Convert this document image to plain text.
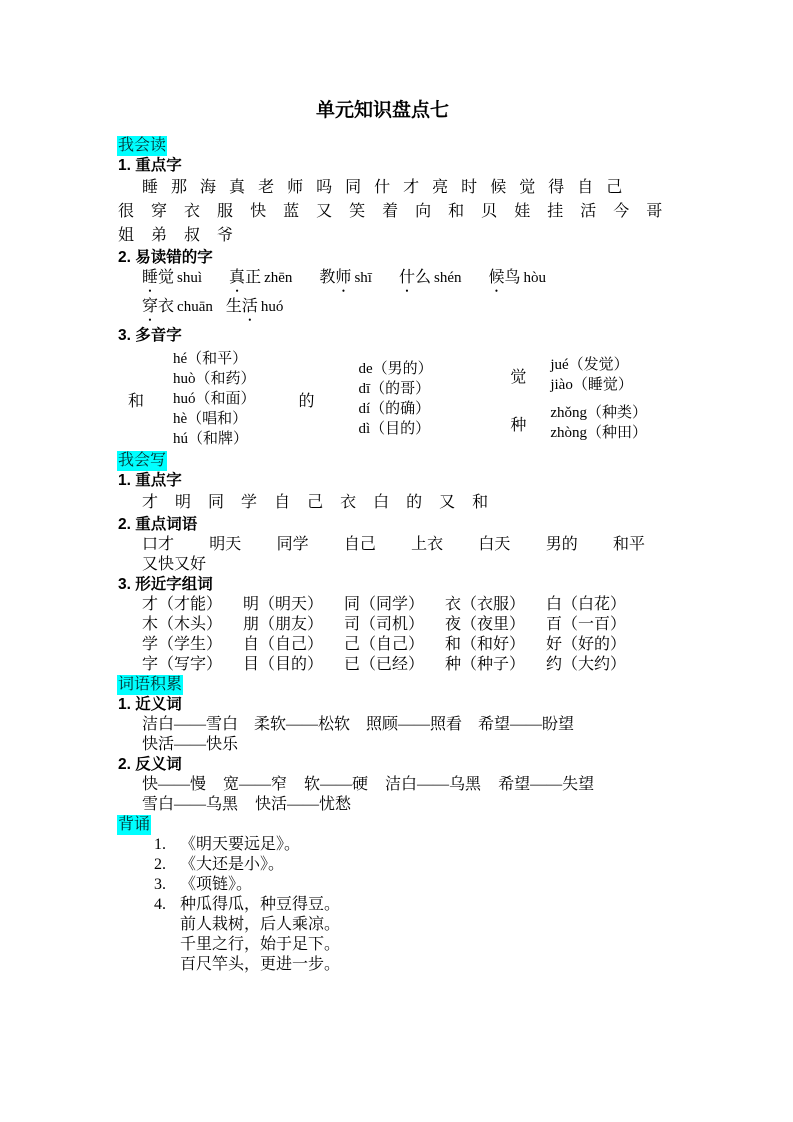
单元知识盘点七
我会读
1. 重点字
睡 那 海 真 老 师 吗 同 什 才 亮 时 候 觉 得 自 己
很 穿 衣 服 快 蓝 又 笑 着 向 和 贝 娃 挂 活 今 哥
姐 弟 叔 爷
2. 易读错的字
睡觉 shuì 真正 zhēn 教师 shī 什么 shén 候鸟 hòu
穿衣 chuān 生活 huó
3. 多音字
和
hé（和平）
huò（和药）
huó（和面）
hè（唱和）
hú（和牌）
的
de（男的）
dī（的哥）
dí（的确）
dì（目的）
觉
jué（发觉）
jiào（睡觉）
种
zhǒng（种类）
zhòng（种田）
我会写
1. 重点字
才 明 同 学 自 己 衣 白 的 又 和
2. 重点词语
口才 明天 同学 自己 上衣 白天 男的 和平
又快又好
3. 形近字组词
才（才能）	明（明天）	同（同学）	衣（衣服）	白（白花）
木（木头）	朋（朋友）	司（司机）	夜（夜里）	百（一百）
学（学生）	自（自己）	己（自己）	和（和好）	好（好的）
字（写字）	目（目的）	已（已经）	种（种子）	约（大约）
词语积累
1. 近义词
洁白——雪白 柔软——松软 照顾——照看 希望——盼望
快活——快乐
2. 反义词
快——慢 宽——窄 软——硬 洁白——乌黑 希望——失望
雪白——乌黑 快活——忧愁
背诵
1. 《明天要远足》。
2. 《大还是小》。
3. 《项链》。
4. 种瓜得瓜，种豆得豆。
前人栽树，后人乘凉。
千里之行，始于足下。
百尺竿头，更进一步。
